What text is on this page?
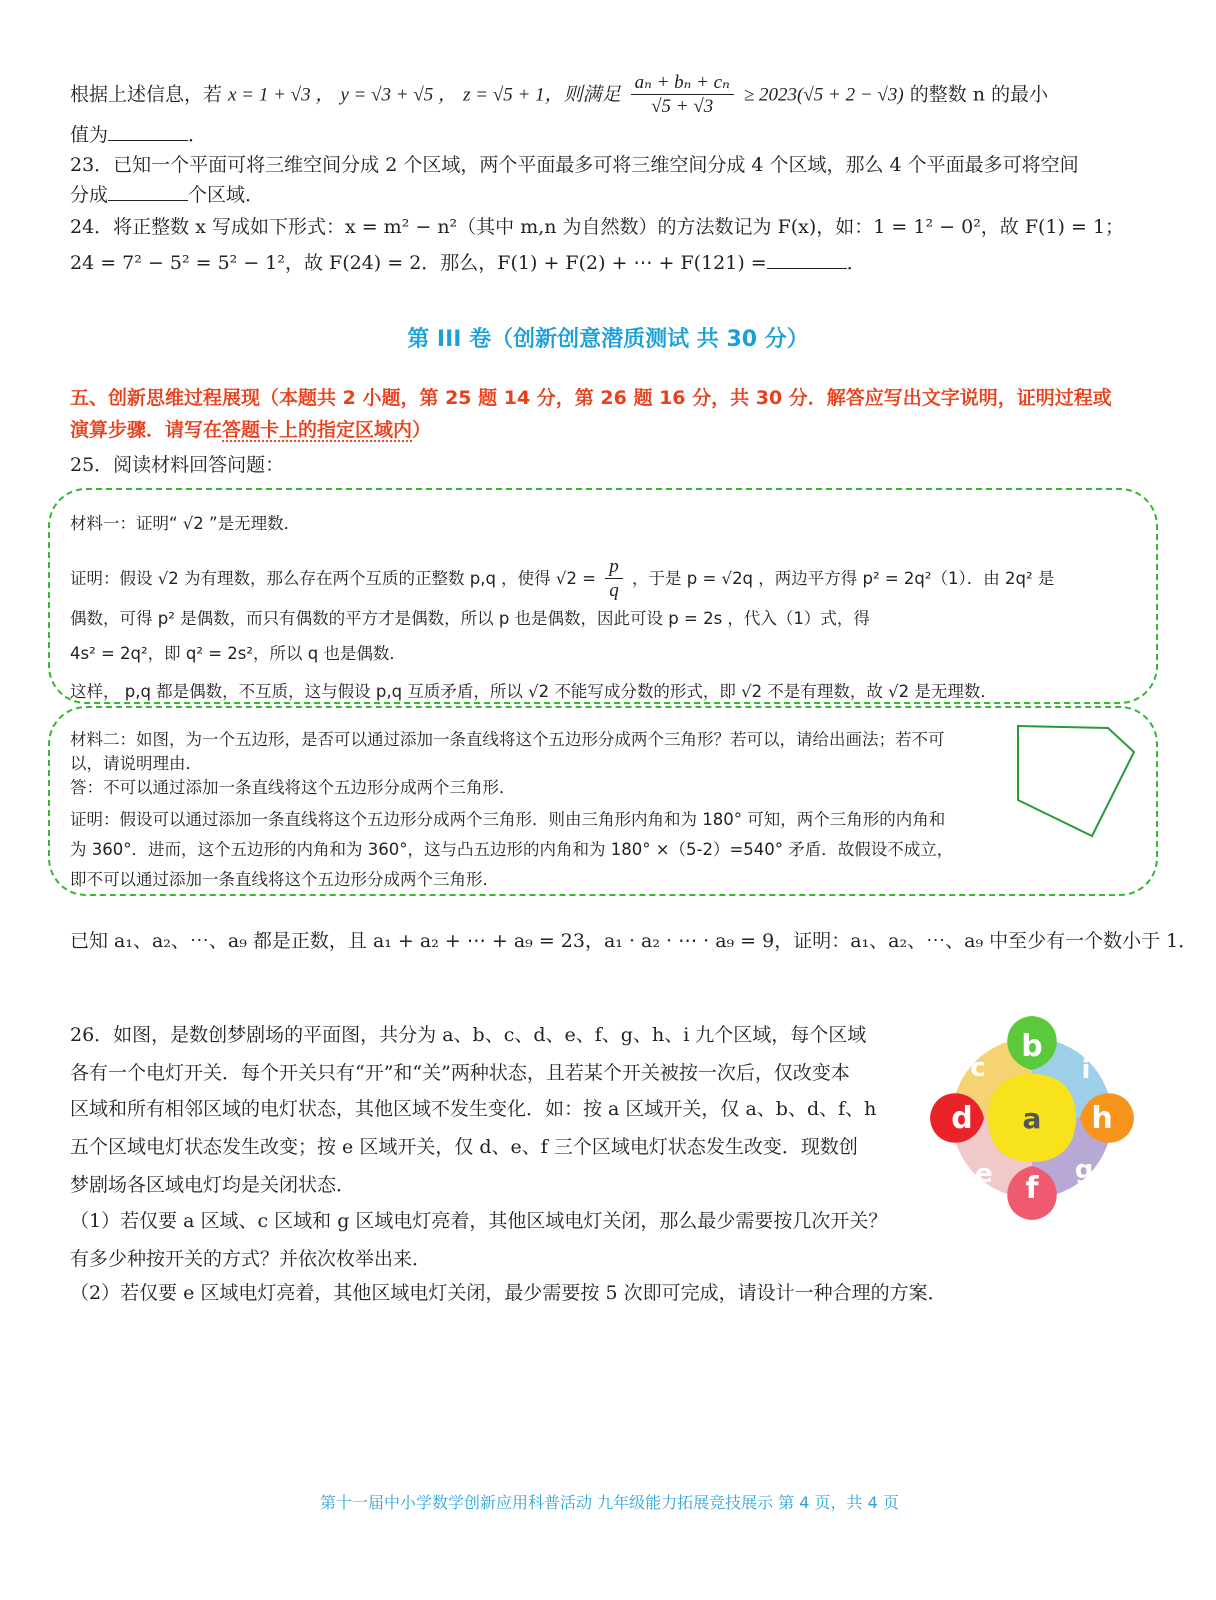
根据上述信息，若 x = 1 + √3 ， y = √3 + √5 ， z = √5 + 1，则满足 $\frac{\text{aₙ + bₙ + cₙ}}{√5 + √3} \ge 2023(√5 + 2 - √3)$ 的整数 n 的最小
值为	．
23．已知一个平面可将三维空间分成 2 个区域，两个平面最多可将三维空间分成 4 个区域，那么 4 个平面最多可将空间
分成	个区域．
24．将正整数 x 写成如下形式：x = m² − n²（其中 m,n 为自然数）的方法数记为 F(x)，如：1 = 1² − 0²，故 F(1) = 1；
24 = 7² − 5² = 5² − 1²，故 F(24) = 2．那么，F(1) + F(2) + ⋯ + F(121) =	．
第 III 卷（创新创意潜质测试 共 30 分）
五、创新思维过程展现（本题共 2 小题，第 25 题 14 分，第 26 题 16 分，共 30 分．解答应写出文字说明，证明过程或
演算步骤．请写在答题卡上的指定区域内）
25．阅读材料回答问题：
材料一：证明“ √2 ”是无理数．
证明：假设 √2 为有理数，那么存在两个互质的正整数 p,q ，使得 $√2 = \frac{p}{q}$ ，于是 p = √2q ，两边平方得 p² = 2q²（1）．由 2q² 是
偶数，可得 p² 是偶数，而只有偶数的平方才是偶数，所以 p 也是偶数，因此可设 p = 2s ，代入（1）式，得
4s² = 2q²，即 q² = 2s²，所以 q 也是偶数．
这样， p,q 都是偶数，不互质，这与假设 p,q 互质矛盾，所以 √2 不能写成分数的形式，即 √2 不是有理数，故 √2 是无理数．
材料二：如图，为一个五边形，是否可以通过添加一条直线将这个五边形分成两个三角形？若可以，请给出画法；若不可
以，请说明理由．
答：不可以通过添加一条直线将这个五边形分成两个三角形．
证明：假设可以通过添加一条直线将这个五边形分成两个三角形．则由三角形内角和为 180° 可知，两个三角形的内角和
为 360°．进而，这个五边形的内角和为 360°，这与凸五边形的内角和为 180° ×（5-2）=540° 矛盾．故假设不成立，
即不可以通过添加一条直线将这个五边形分成两个三角形．
已知 a₁、a₂、⋯、a₉ 都是正数，且 a₁ + a₂ + ⋯ + a₉ = 23，a₁ · a₂ · ⋯ · a₉ = 9，证明：a₁、a₂、⋯、a₉ 中至少有一个数小于 1．
26．如图，是数创梦剧场的平面图，共分为 a、b、c、d、e、f、g、h、i 九个区域，每个区域
各有一个电灯开关．每个开关只有“开”和“关”两种状态，且若某个开关被按一次后，仅改变本
区域和所有相邻区域的电灯状态，其他区域不发生变化．如：按 a 区域开关，仅 a、b、d、f、h
五个区域电灯状态发生改变；按 e 区域开关，仅 d、e、f 三个区域电灯状态发生改变．现数创
梦剧场各区域电灯均是关闭状态．
（1）若仅要 a 区域、c 区域和 g 区域电灯亮着，其他区域电灯关闭，那么最少需要按几次开关？
有多少种按开关的方式？并依次枚举出来．
（2）若仅要 e 区域电灯亮着，其他区域电灯关闭，最少需要按 5 次即可完成，请设计一种合理的方案．
a
b
c
d
e f
g
h
i
第十一届中小学数学创新应用科普活动 九年级能力拓展竞技展示 第 4 页，共 4 页
